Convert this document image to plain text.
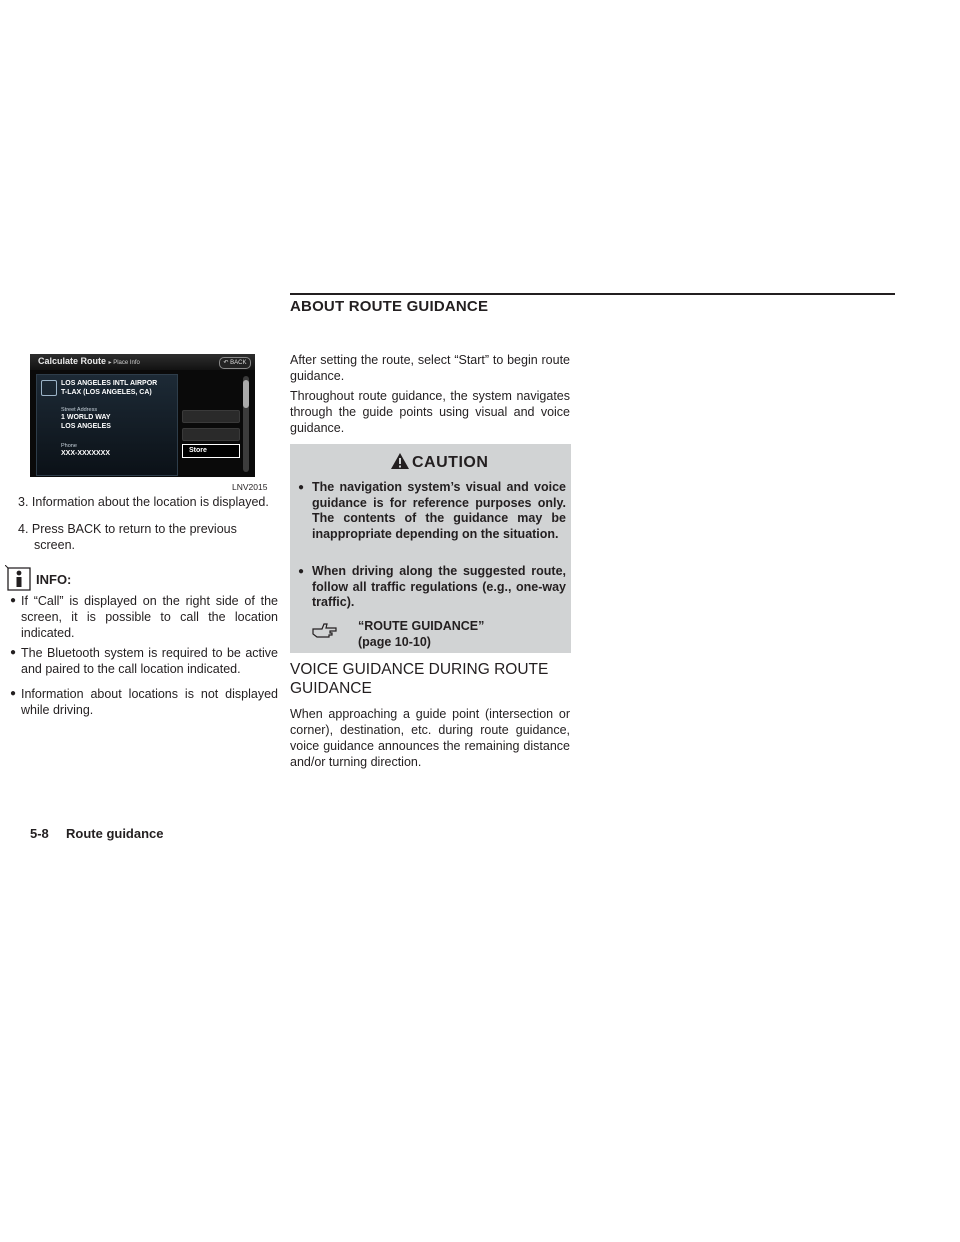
ABOUT ROUTE GUIDANCE
Calculate Route ▸ Place Info	↶ BACK
LOS ANGELES INTL AIRPOR
T-LAX (LOS ANGELES, CA)
Street Address
1 WORLD WAY
LOS ANGELES
Phone
XXX-XXXXXXX	Store
LNV2015
3. Information about the location is displayed.
4. Press BACK to return to the previous screen.
INFO:
● If “Call” is displayed on the right side of the screen, it is possible to call the location indicated.
● The Bluetooth system is required to be active and paired to the call location indicated.
● Information about locations is not displayed while driving.
After setting the route, select “Start” to begin route guidance.
Throughout route guidance, the system navigates through the guide points using visual and voice guidance.
CAUTION
● The navigation system’s visual and voice guidance is for reference purposes only. The contents of the guidance may be inappropriate depending on the situation.
● When driving along the suggested route, follow all traffic regulations (e.g., one-way traffic).
“ROUTE GUIDANCE”
(page 10-10)
VOICE GUIDANCE DURING ROUTE GUIDANCE
When approaching a guide point (intersection or corner), destination, etc. during route guidance, voice guidance announces the remaining distance and/or turning direction.
5-8 Route guidance
